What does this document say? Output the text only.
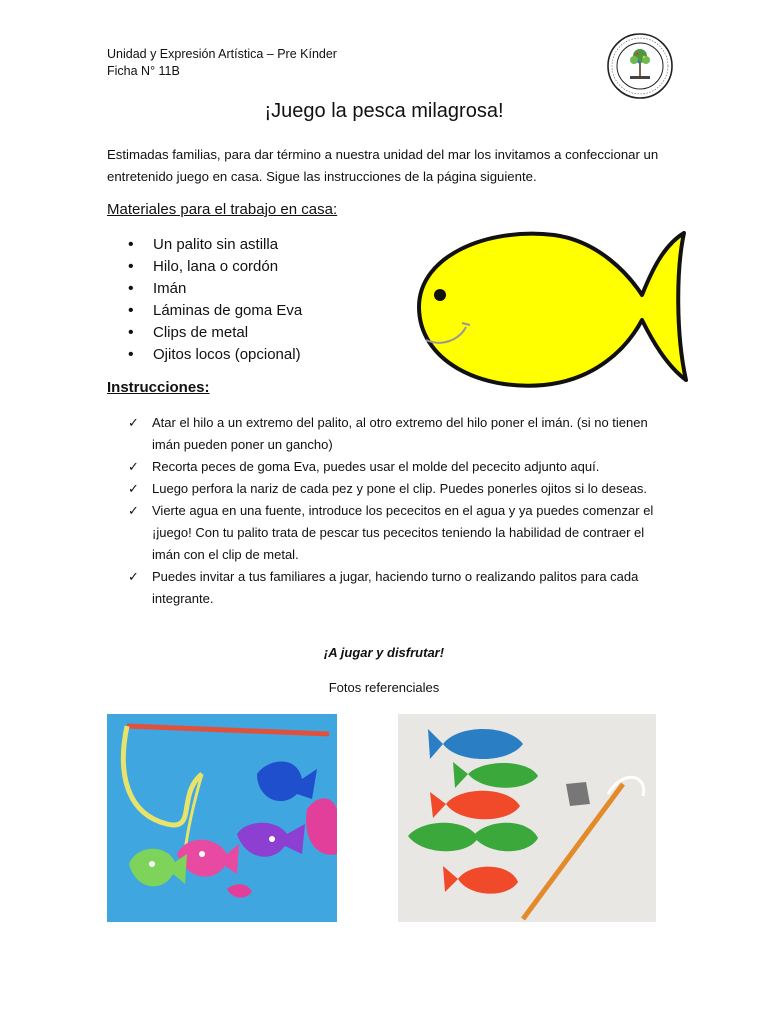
Unidad y Expresión Artística – Pre Kínder
Ficha N° 11B
¡Juego la pesca milagrosa!
Estimadas familias, para dar término a nuestra unidad del mar los invitamos a confeccionar un entretenido juego en casa. Sigue las instrucciones de la página siguiente.
Materiales para el trabajo en casa:
• Un palito sin astilla
• Hilo, lana o cordón
• Imán
• Láminas de goma Eva
• Clips de metal
• Ojitos locos (opcional)
Instrucciones:
✓ Atar el hilo a un extremo del palito, al otro extremo del hilo poner el imán. (si no tienen imán pueden poner un gancho)
✓ Recorta peces de goma Eva, puedes usar el molde del pececito adjunto aquí.
✓ Luego perfora la nariz de cada pez y pone el clip. Puedes ponerles ojitos si lo deseas.
✓ Vierte agua en una fuente, introduce los pececitos en el agua y ya puedes comenzar el ¡juego! Con tu palito trata de pescar tus pececitos teniendo la habilidad de contraer el imán con el clip de metal.
✓ Puedes invitar a tus familiares a jugar, haciendo turno o realizando palitos para cada integrante.
¡A jugar y disfrutar!
Fotos referenciales
